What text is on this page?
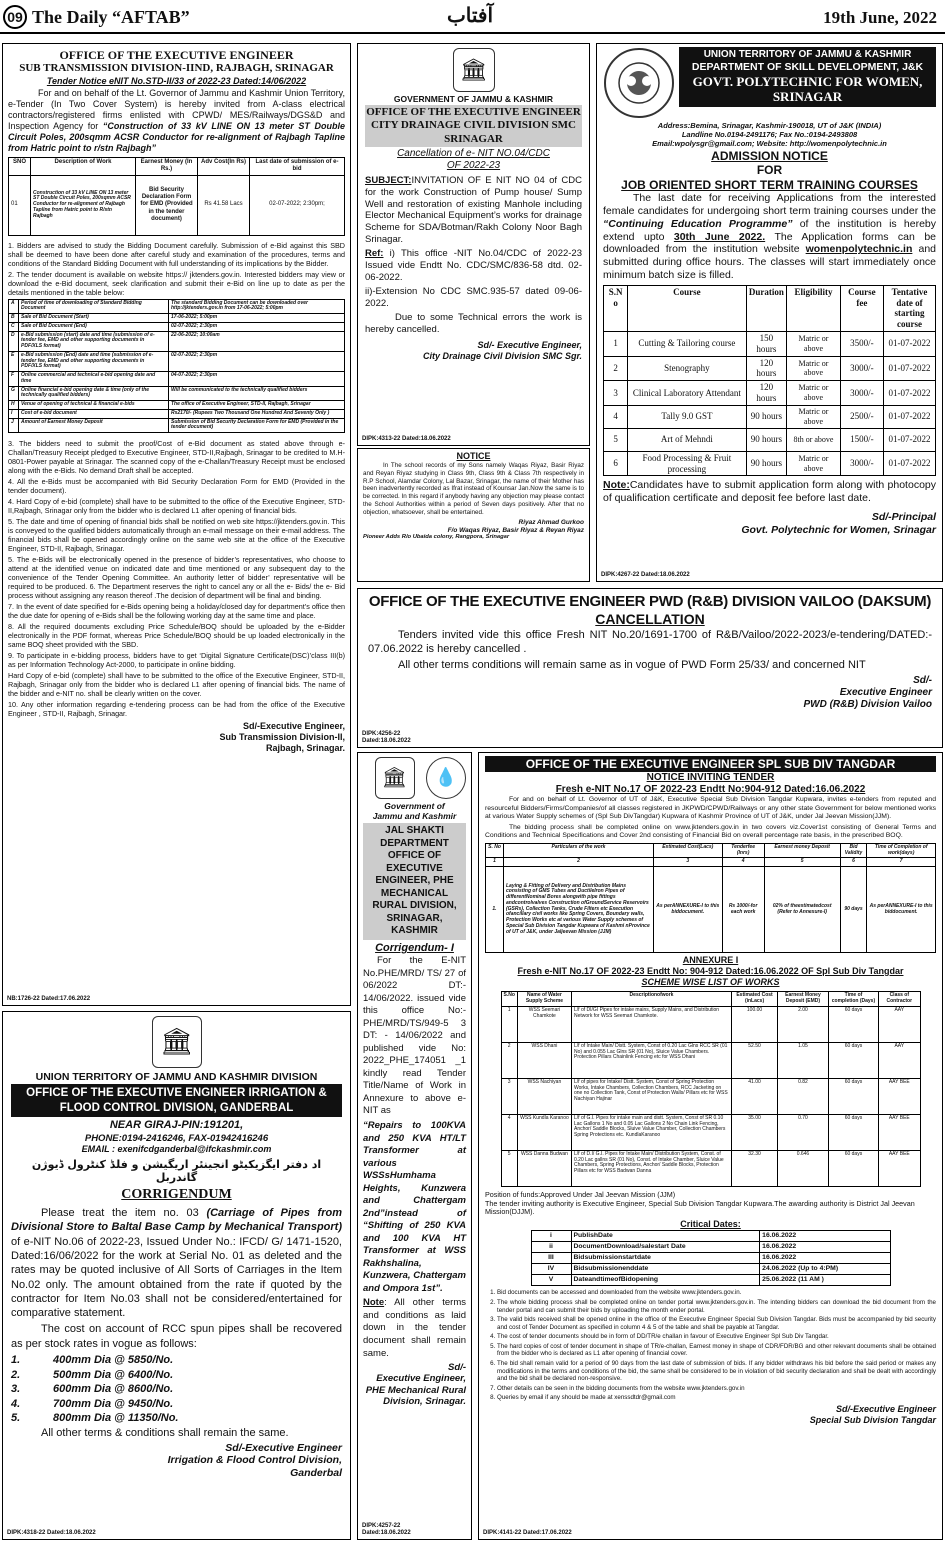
09 The Daily “AFTAB”	آفتاب	19th June, 2022
OFFICE OF THE EXECUTIVE ENGINEER
SUB TRANSMISSION DIVISION-IIND, RAJBAGH, SRINAGAR
Tender Notice eNIT No.STD-II/33 of 2022-23 Dated:14/06/2022

For and on behalf of the Lt. Governor of Jammu and Kashmir Union Territory, e-Tender (In Two Cover System) is hereby invited from A-class electrical contractors/registered firms enlisted with CPWD/ MES/Railways/DGS&D and Inspection Agency for “Construction of 33 kV LINE ON 13 meter ST Double Circuit Poles, 200sqmm ACSR Conductor for re-alignment of Rajbagh Tapline from Hatric point to r/stn Rajbagh”

SNO	Description of Work	Earnest Money (In Rs.)	Adv Cost(In Rs)	Last date of submission of e-bid
01	Construction of 33 kV LINE ON 13 meter ST Double Circuit Poles, 200sqmm ACSR Conductor for re-alignment of Rajbagh Tapline from Hatric point to R/stn Rajbagh	Bid Security Declaration Form for EMD (Provided in the tender document)	Rs 41.58 Lacs	02-07-2022; 2:30pm;

1. Bidders are advised to study the Bidding Document carefully. Submission of e-Bid against this SBD shall be deemed to have been done after careful study and examination of the procedures, terms and conditions of the Standard Bidding Document with full understanding of its implications by the Bidder.

2. The tender document is available on website https:// jktenders.gov.in. Interested bidders may view or download the e-Bid document, seek clarification and submit their e-Bid on line up to date as per the details mentioned in the table below:

A	Period of time of downloading of Standard Bidding Document	The standard Bidding Document can be downloaded over http://jktenders.gov.in from 17-06-2022; 5:00pm
B	Sale of Bid Document (Start)	17-06-2022; 5:00pm
C	Sale of Bid Document (End)	02-07-2022; 2:30pm
D	e-Bid submission (start) date and time (submission of e-tender fee, EMD and other supporting documents in PDF/XLS format)	22-06-2022; 10:00am
E	e-Bid submission (End) date and time (submission of e-tender fee, EMD and other supporting documents in PDF/XLS format)	02-07-2022; 2:30pm
F	Online commercial and technical e-bid opening date and time	04-07-2022; 2:30pm
G	Online financial e-bid opening date & time (only of the technically qualified bidders)	Will be communicated to the technically qualified bidders
H	Venue of opening of technical & financial e-bids	The office of Executive Engineer, STD-II, Rajbagh, Srinagar
I	Cost of e-bid document	Rs2170/- (Rupees Two Thousand One Hundred And Seventy Only )
J	Amount of Earnest Money Deposit	Submission of Bid Security Declaration Form for EMD (Provided in the tender document)

3. The bidders need to submit the proof/Cost of e-Bid document as stated above through e-Challan/Treasury Receipt pledged to Executive Engineer, STD-II,Rajbagh, Srinagar to be credited to M.H-0801-Power payable at Srinagar. The scanned copy of the e-Challan/Treasury Receipt must be enclosed along with the e-Bids. No demand Draft shall be accepted.

4. All the e-Bids must be accompanied with Bid Security Declaration Form for EMD (Provided in the tender document).

4. Hard Copy of e-bid (complete) shall have to be submitted to the office of the Executive Engineer, STD-II,Rajbagh, Srinagar only from the bidder who is declared L1 after opening of financial bids.

5. The date and time of opening of financial bids shall be notified on web site https://jktenders.gov.in. This is conveyed to the qualified bidders automatically through an e-mail message on their e-mail address. The financial bids shall be opened accordingly online on the same web site at the office of the Executive Engineer, STD-II, Rajbagh, Srinagar.

5. The e-Bids will be electronically opened in the presence of bidder’s representatives, who choose to attend at the identified venue on indicated date and time mentioned or any subsequent day to the convenience of the Tender Opening Committee. An authority letter of bidder’ representative will be required to be produced. 6. The Department reserves the right to cancel any or all the e- Bids/ the e- Bid process without assigning any reason thereof .The decision of department will be final and binding.

7. In the event of date specified for e-Bids opening being a holiday/closed day for department’s office then the due date for opening of e-Bids shall be the following working day at the same time and place.

8. All the required documents excluding Price Schedule/BOQ should be uploaded by the e-Bidder electronically in the PDF format, whereas Price Schedule/BOQ should be up loaded electronically in the same BOQ sheet provided with the SBD.

9. To participate in e-bidding process, bidders have to get ‘Digital Signature Certificate(DSC)’class III(b) as per Information Technology Act-2000, to participate in online bidding.

Hard Copy of e-bid (complete) shall have to be submitted to the office of the Executive Engineer, STD-II, Rajbagh, Srinagar only from the bidder who is declared L1 after opening of financial bids. The name of the bidder and e-NIT no. shall be clearly written on the cover.

10. Any other information regarding e-tendering process can be had from the office of the Executive Engineer , STD-II, Rajbagh, Srinagar.

Sd/-Executive Engineer,
Sub Transmission Division-II,
Rajbagh, Srinagar.
NB:1726-22 Dated:17.06.2022
🏛
GOVERNMENT OF JAMMU & KASHMIR
OFFICE OF THE EXECUTIVE ENGINEER
CITY DRAINAGE CIVIL DIVISION SMC
SRINAGAR
Cancellation of e- NIT NO.04/CDC
OF 2022-23

SUBJECT:INVITATION OF E NIT NO 04 of CDC for the work Construction of Pump house/ Sump Well and restoration of existing Manhole including Elector Mechanical Equipment’s works for drainage Scheme for SDA/Botman/Rakh Colony Noor Bagh Srinagar.

Ref: i) This office -NIT No.04/CDC of 2022-23 Issued vide Endtt No. CDC/SMC/836-58 dtd. 02-06-2022.

ii)-Extension No CDC SMC.935-57 dated 09-06-2022.

Due to some Technical errors the work is hereby cancelled.

Sd/- Executive Engineer,
City Drainage Civil Division SMC Sgr.
DIPK:4313-22 Dated:18.06.2022
NOTICE

In The school records of my Sons namely Waqas Riyaz, Basir Riyaz and Reyan Riyaz studying in Class 9th, Class 9th & Class 7th respectively in R.P School, Alamdar Colony, Lal Bazar, Srinagar, the name of their Mother has been inadvertently recorded as Ifrat instead of Kounsar Jan.Now the same is to be corrected. In this regard if anybody having any objection may please contact the School Authorities within a period of Seven days positively. After that no objection, whatsoever, shall be entertained.

Riyaz Ahmad Gurkoo
F/o Waqas Riyaz, Basir Riyaz & Reyan Riyaz
Pioneer Adds R/o Ubaida colony, Rangpora, Srinagar
UNION TERRITORY OF JAMMU & KASHMIR
DEPARTMENT OF SKILL DEVELOPMENT, J&K
GOVT. POLYTECHNIC FOR WOMEN,
SRINAGAR
Address:Bemina, Srinagar, Kashmir-190018, UT of J&K (INDIA)
Landline No.0194-2491176; Fax No.:0194-2493808
Email:wpolysgr@gmail.com; Website: http://womenpolytechnic.in
ADMISSION NOTICE
FOR
JOB ORIENTED SHORT TERM TRAINING COURSES

The last date for receiving Applications from the interested female candidates for undergoing short term training courses under the “Continuing Education Programme” of the institution is hereby extend upto 30th June 2022. The Application forms can be downloaded from the institution website womenpolytechnic.in and submitted during office hours. The classes will start immediately once minimum batch size is filled.

S.N o	Course	Duration	Eligibility	Course fee	Tentative date of starting course
1	Cutting & Tailoring course	150 hours	Matric or above	3500/-	01-07-2022
2	Stenography	120 hours	Matric or above	3000/-	01-07-2022
3	Clinical Laboratory Attendant	120 hours	Matric or above	3000/-	01-07-2022
4	Tally 9.0 GST	90 hours	Matric or above	2500/-	01-07-2022
5	Art of Mehndi	90 hours	8th or above	1500/-	01-07-2022
6	Food Processing & Fruit processing	90 hours	Matric or above	3000/-	01-07-2022

Note:Candidates have to submit application form along with photocopy of qualification certificate and deposit fee before last date.

Sd/-Principal
Govt. Polytechnic for Women, Srinagar
DIPK:4267-22 Dated:18.06.2022
OFFICE OF THE EXECUTIVE ENGINEER PWD (R&B) DIVISION VAILOO (DAKSUM)
CANCELLATION

Tenders invited vide this office Fresh NIT No.20/1691-1700 of R&B/Vailoo/2022-2023/e-tendering/DATED:- 07.06.2022 is hereby cancelled .

All other terms conditions will remain same as in vogue of PWD Form 25/33/ and concerned NIT

Sd/-
Executive Engineer
PWD (R&B) Division Vailoo
DIPK:4256-22
Dated:18.06.2022
🏛	💧
Government of
Jammu and Kashmir
JAL SHAKTI DEPARTMENT OFFICE OF EXECUTIVE ENGINEER, PHE MECHANICAL RURAL DIVISION, SRINAGAR, KASHMIR
Corrigendum- I

For the E-NIT No.PHE/MRD/ TS/ 27 of 06/2022 DT:- 14/06/2022. issued vide this office No:- PHE/MRD/TS/949-5 3 DT: - 14/06/2022 and published vide No: 2022_PHE_174051 _1 kindly read Tender Title/Name of Work in Annexure to above e-NIT as

“Repairs to 100KVA and 250 KVA HT/LT Transformer at various WSSsHumhama Heights, Kunzwera and Chattergam 2nd”instead of “Shifting of 250 KVA and 100 KVA HT Transformer at WSS Rakhshalina, Kunzwera, Chattergam and Ompora 1st”.

Note: All other terms and conditions as laid down in the tender document shall remain same.

Sd/-
Executive Engineer, PHE Mechanical Rural Division, Srinagar.
DIPK:4257-22
Dated:18.06.2022
OFFICE OF THE EXECUTIVE ENGINEER SPL SUB DIV TANGDAR
NOTICE INVITING TENDER
Fresh e-NIT No.17 OF 2022-23 Endtt No:904-912 Dated:16.06.2022

For and on behalf of Lt. Governor of UT of J&K, Executive Special Sub Division Tangdar Kupwara, invites e-tenders from reputed and resourceful Bidders/Firms/Companies/of all classes registered in JKPWD/CPWD/Railways or any other state Government for below mentioned works at various Water Supply schemes of (Spl Sub DivTangdar) Kupwara of Kashmir Province of UT of J&K, under Jal Jeevan Mission(JJM).

The bidding process shall be completed online on www.jktenders.gov.in in two covers viz.Cover1st consisting of General Terms and Conditions and Technical Specifications and Cover 2nd consisting of Financial Bid on overall percentage rate basis, in the prescribed BOQ.

S. No	Particulars of the work	Estimated Cost(Lacs)	Tenderfee (Inrs)	Earnest money Deposit	Bid Validity	Time of Completion of work(days)
1	2	3	4	5	6	7
1.	Laying & Fitting of Delivery and Distribution Mains consisting of GMS Tubes and DuctileIron Pipes of differentNominal Bores alongwith pipe fittings andcontrolvalves Construction ofGroundService Reservoirs (GSRs), Collection Tanks, Crude Filters etc Execution ofancillary civil works like Spring Covers, Boundary walls, Protection Works etc at various Water Supply schemes of Special Sub Division Tangdar Kupwara of Kashmi nProvince of UT of J&K, under Jaljeevan Mission (JJM)	As perANNEXURE-I to this biddocument.	Rs 1000/-for each work	02% of theestimatedcost (Refer to Annexure-I)	90 days	As perANNEXURE-I to this biddocument.
ANNEXURE I
Fresh e-NIT No.17 OF 2022-23 Endtt No: 904-912 Dated:16.06.2022 OF Spl Sub Div Tangdar
SCHEME WISE LIST OF WORKS
S.No	Name of Water Supply Scheme	Descriptionofwork	Estimated Cost (inLacs)	Earnest Money Deposit (EMD)	Time of completion (Days)	Class of Contractor
1	WSS Seemari Chamkote	L/f of DI/GI Pipes for intake mains, Supply Mains, and Distribution Network for WSS Seemari Chamkote.	100.00	2.00	60 days	AAY
2	WSS Dhani	L/f of Intake Main/ Distt. System, Const of 0.20 Lac Glns RCC SR (01 No) and 0.055 Lac Glns SR (01 No), Sluice Value Chambers. Protection Pillars Chainlink Fencing etc for WSS Dhani	52.50	1.05	60 days	AAY
3	WSS Nachiyan	L/f of pipes for Intake/ Distt. System, Const of Spring Protection Works, Intake Chambers, Collection Chambers, RCC Jacketing on one no Collection Tank, Const of Protection Walls/ Pillars etc for WSS Nachiyan Hajinar	41.00	0.82	60 days	AAY BEE
4	WSS Kundla Karanoo	L/f of G.I. Pipes for intake main and distt. System, Const of SR 0.10 Lac Gallons 1 No and 0.05 Lac Gallons 2 No Chain Link Fencing, Anchor/ Saddle Blocks, Sluive Value Chamber, Collection Chambers Spring Protections etc. KundlaKaranoo	35.00	0.70	60 days	AAY BEE
5	WSS Danna Budwan	L/f of D.I/ G.I. Pipes for Intake Main/ Distribution System, Const. of 0.20 Lac gallns SR (01 No), Const. of Intake Chamber, Sluice Value Chambers, Spring Protections, Anchor/ Saddle Blocks, Protection Pillars etc for WSS Badwan Danna	32.30	0.646	60 days	AAY BEE
Position of funds:Approved Under Jal Jeevan Mission (JJM)
The tender inviting authority is Executive Engineer, Special Sub Division Tangdar Kupwara.The awarding authority is District Jal Jeevan Mission(DJJM).
Critical Dates:
i	PublishDate	16.06.2022
ii	DocumentDownload/salestart Date	16.06.2022
III	Bidsubmissionstartdate	16.06.2022
IV	Bidsubmissionenddate	24.06.2022 (Up to 4:PM)
V	DateandtimeofBidopening	25.06.2022 (11 AM )
1. Bid documents can be accessed and downloaded from the website www.jktenders.gov.in.
2. The whole bidding process shall be completed online on tender portal www.jktenders.gov.in. The intending bidders can download the bid document from the tender portal and can submit their bids by uploading the month ender portal.
3. The valid bids received shall be opened online in the office of the Executive Engineer Special Sub Division Tangdar. Bids must be accompanied by bid security and cost of Tender Document as specified in column 4 & 5 of the table and shall be payable at Tangdar.
4. The cost of tender documents should be in form of DD/TR/e challan in favour of Executive Engineer Spl Sub Div Tangdar.
5. The hard copies of cost of tender document in shape of TR/e-challan, Earnest money in shape of CDR/FDR/BG and other relevant documents shall be obtained from the bidder who is declared as L1 after opening of financial cover.
6. The bid shall remain valid for a period of 90 days from the last date of submission of bids. If any bidder withdraws his bid before the said period or makes any modifications in the terms and conditions of the bid, the same shall be considered to be in violation of bid security declaration and shall be dealt with accordingly and the bid shall be declared non-responsive.
7. Other details can be seen in the bidding documents from the website www.jktenders.gov.in
8. Queries by email if any should be made at xenssdtdr@gmail.com
Sd/-Executive Engineer
Special Sub Division Tangdar
DIPK:4141-22 Dated:17.06.2022
🏛
UNION TERRITORY OF JAMMU AND KASHMIR DIVISION
OFFICE OF THE EXECUTIVE ENGINEER IRRIGATION & FLOOD CONTROL DIVISION, GANDERBAL
NEAR GIRAJ-PIN:191201,
PHONE:0194-2416246, FAX-01942416246
EMAIL : exenifcdganderbal@ifckashmir.com
اد دفتر ایگزیکیٹو انجینئر اریگیشن و فلڈ کنٹرول ڈیوژن گاندربل
CORRIGENDUM

Please treat the item no. 03 (Carriage of Pipes from Divisional Store to Baltal Base Camp by Mechanical Transport) of e-NIT No.06 of 2022-23, Issued Under No.: IFCD/ G/ 1471-1520, Dated:16/06/2022 for the work at Serial No. 01 as deleted and the rates may be quoted inclusive of All Sorts of Carriages in the Item No.02 only. The amount obtained from the rate if quoted by the contractor for Item No.03 shall not be considered/entertained for comparative statement.

The cost on account of RCC spun pipes shall be recovered as per stock rates in vogue as follows:

1.	400mm Dia @ 5850/No.
2.	500mm Dia @ 6400/No.
3.	600mm Dia @ 8600/No.
4.	700mm Dia @ 9450/No.
5.	800mm Dia @ 11350/No.

All other terms & conditions shall remain the same.

Sd/-Executive Engineer
Irrigation & Flood Control Division,
Ganderbal
DIPK:4318-22 Dated:18.06.2022
